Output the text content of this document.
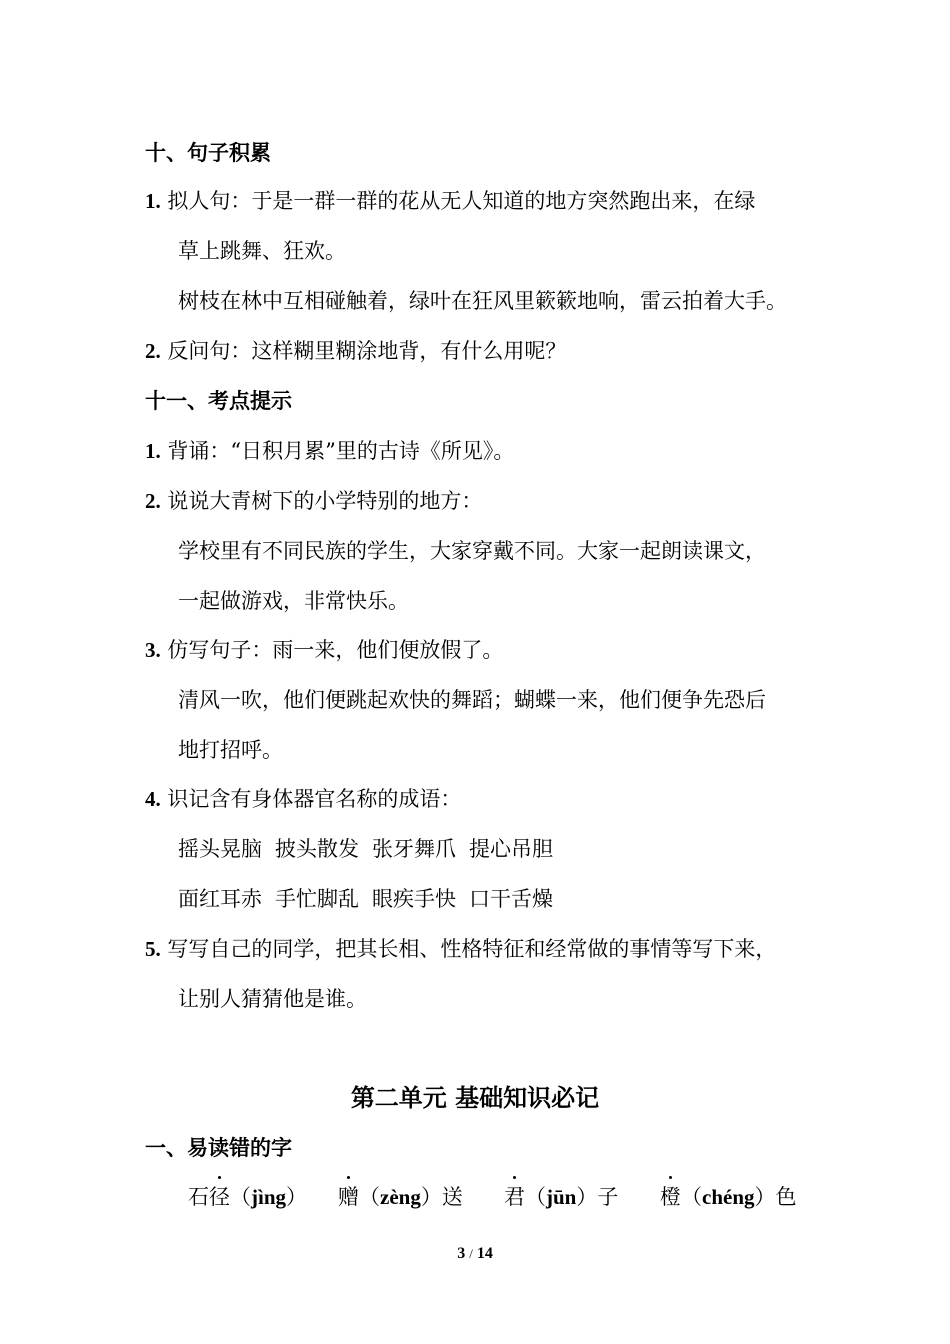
十、句子积累
1. 拟人句：于是一群一群的花从无人知道的地方突然跑出来，在绿
草上跳舞、狂欢。
树枝在林中互相碰触着，绿叶在狂风里簌簌地响，雷云拍着大手。
2. 反问句：这样糊里糊涂地背，有什么用呢？
十一、考点提示
1. 背诵：“日积月累”里的古诗《所见》。
2. 说说大青树下的小学特别的地方：
学校里有不同民族的学生，大家穿戴不同。大家一起朗读课文，
一起做游戏，非常快乐。
3. 仿写句子：雨一来，他们便放假了。
清风一吹，他们便跳起欢快的舞蹈；蝴蝶一来，他们便争先恐后
地打招呼。
4. 识记含有身体器官名称的成语：
摇头晃脑 披头散发 张牙舞爪 提心吊胆
面红耳赤 手忙脚乱 眼疾手快 口干舌燥
5. 写写自己的同学，把其长相、性格特征和经常做的事情等写下来，
让别人猜猜他是谁。
第二单元 基础知识必记
一、易读错的字
石径（jìng） 赠（zèng）送 君（jūn）子 橙（chéng）色
3 / 14
